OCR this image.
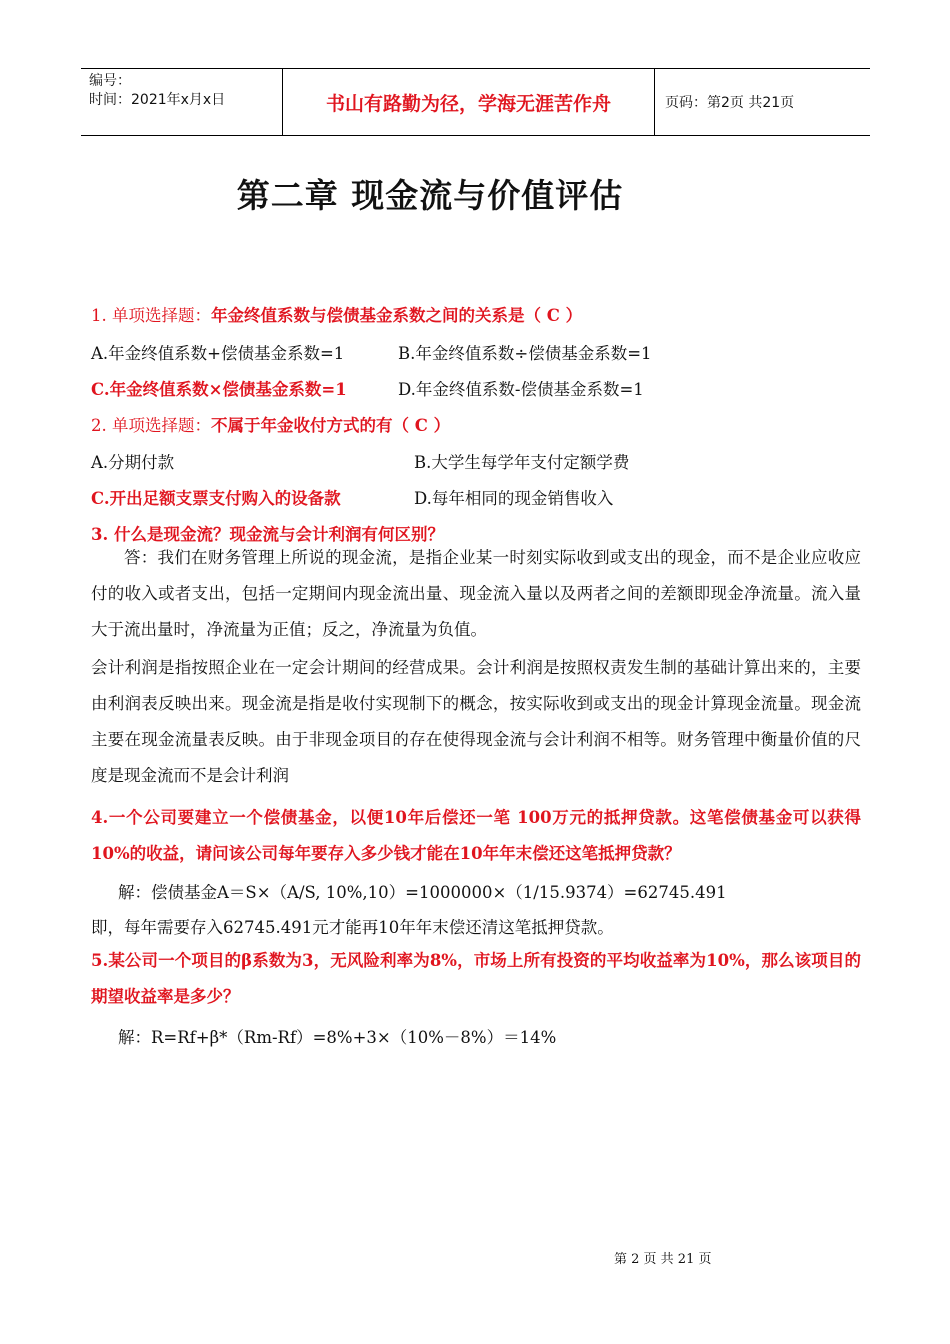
编号：
时间：2021年x月x日	书山有路勤为径，学海无涯苦作舟	页码：第2页 共21页
第二章 现金流与价值评估
1. 单项选择题：年金终值系数与偿债基金系数之间的关系是（ C ）
A.年金终值系数+偿债基金系数=1	B.年金终值系数÷偿债基金系数=1
C.年金终值系数×偿债基金系数=1	D.年金终值系数-偿债基金系数=1
2. 单项选择题：不属于年金收付方式的有（ C ）
A.分期付款	B.大学生每学年支付定额学费
C.开出足额支票支付购入的设备款	D.每年相同的现金销售收入
3. 什么是现金流？现金流与会计利润有何区别？
答：我们在财务管理上所说的现金流，是指企业某一时刻实际收到或支出的现金，而不是企业应收应付的收入或者支出，包括一定期间内现金流出量、现金流入量以及两者之间的差额即现金净流量。流入量大于流出量时，净流量为正值；反之，净流量为负值。
会计利润是指按照企业在一定会计期间的经营成果。会计利润是按照权责发生制的基础计算出来的，主要由利润表反映出来。现金流是指是收付实现制下的概念，按实际收到或支出的现金计算现金流量。现金流主要在现金流量表反映。由于非现金项目的存在使得现金流与会计利润不相等。财务管理中衡量价值的尺度是现金流而不是会计利润
4.一个公司要建立一个偿债基金，以便10年后偿还一笔 100万元的抵押贷款。这笔偿债基金可以获得10%的收益，请问该公司每年要存入多少钱才能在10年年末偿还这笔抵押贷款？
解：偿债基金A＝S×（A/S, 10%,10）=1000000×（1/15.9374）=62745.491
即，每年需要存入62745.491元才能再10年年末偿还清这笔抵押贷款。
5.某公司一个项目的β系数为3，无风险利率为8%，市场上所有投资的平均收益率为10%，那么该项目的期望收益率是多少？
解：R=Rf+β*（Rm-Rf）=8%+3×（10%－8%）＝14%
第 2 页 共 21 页
